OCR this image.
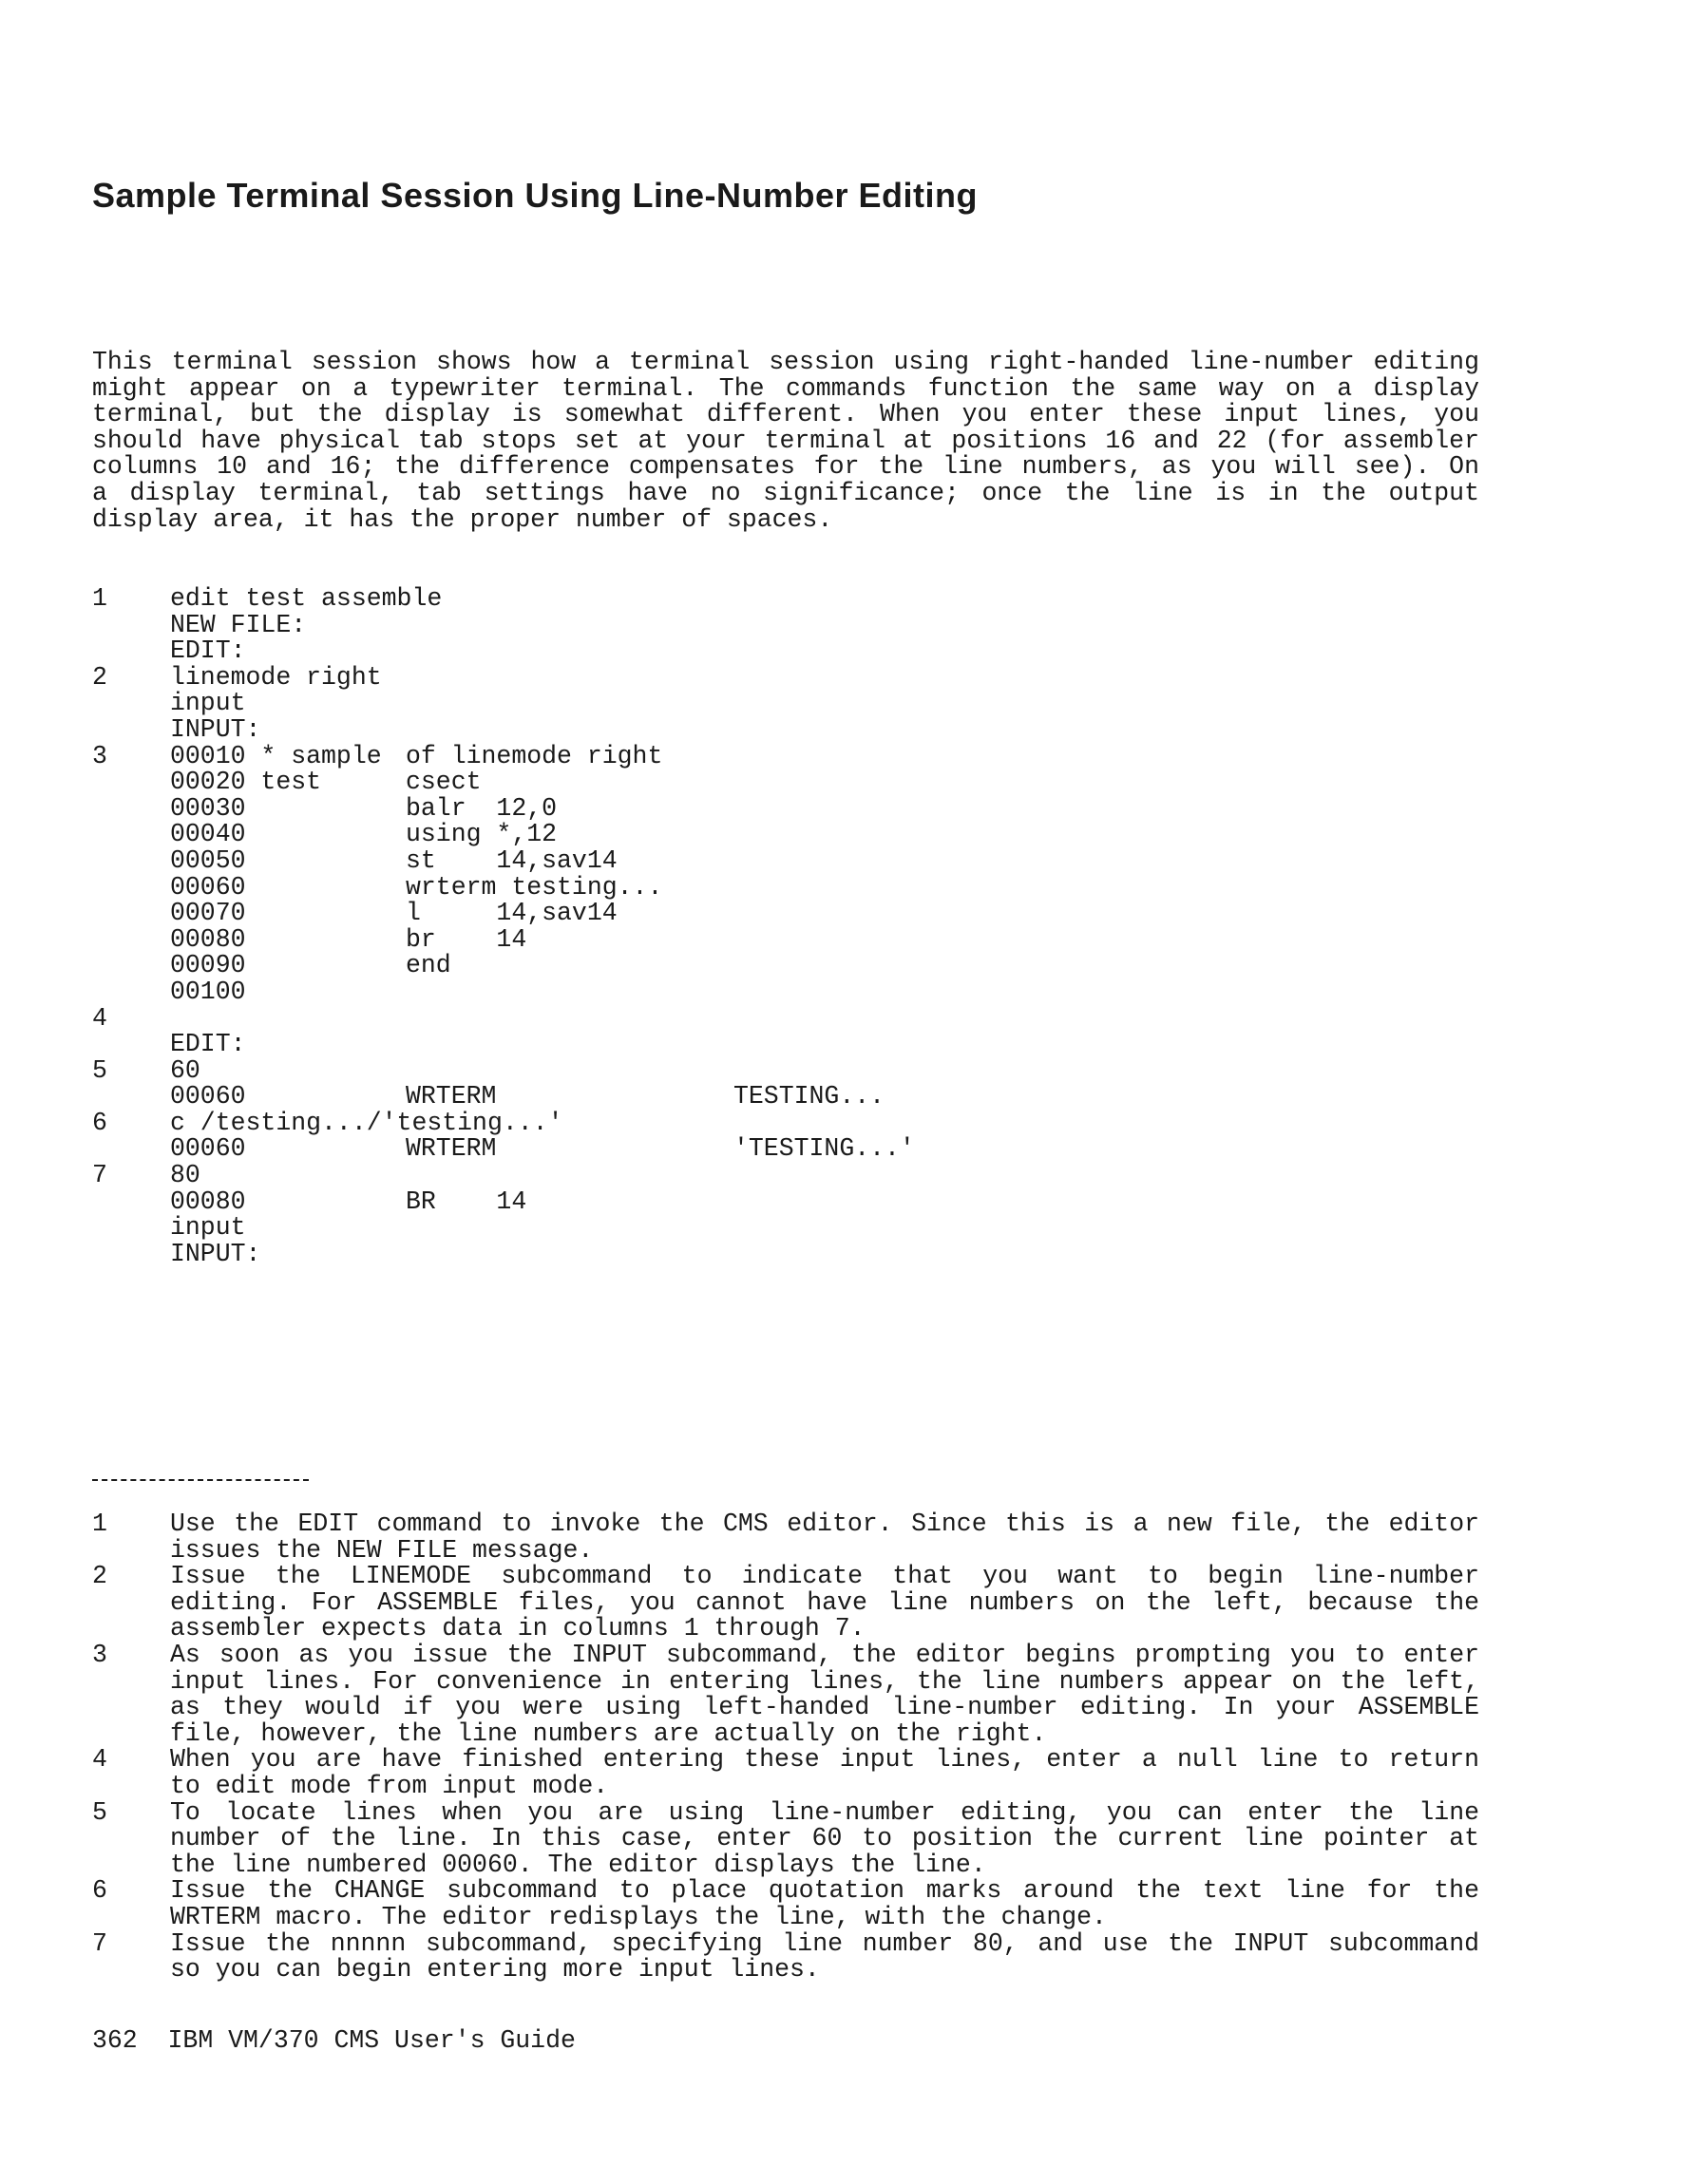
Sample Terminal Session Using Line-Number Editing
This terminal session shows how a terminal session using right-handed line-number editing
might appear on a typewriter terminal. The commands function the same way on a display
terminal, but the display is somewhat different. When you enter these input lines, you
should have physical tab stops set at your terminal at positions 16 and 22 (for assembler
columns 10 and 16; the difference compensates for the line numbers, as you will see). On
a display terminal, tab settings have no significance; once the line is in the output
display area, it has the proper number of spaces.
1 edit test assemble
NEW FILE:
EDIT:
2 linemode right
input
INPUT:
3 00010 * sample of linemode right
00020 test	csect
00030	balr  12,0
00040	using *,12
00050	st    14,sav14
00060	wrterm testing...
00070	l     14,sav14
00080	br    14
00090	end
00100
4
EDIT:
5 60
00060	WRTERM	TESTING...
6 c /testing.../'testing...'
00060	WRTERM	'TESTING...'
7 80
00080	BR    14
input
INPUT:
1 Use the EDIT command to invoke the CMS editor. Since this is a new file, the editor
issues the NEW FILE message.
2 Issue the LINEMODE subcommand to indicate that you want to begin line-number
editing. For ASSEMBLE files, you cannot have line numbers on the left, because the
assembler expects data in columns 1 through 7.
3 As soon as you issue the INPUT subcommand, the editor begins prompting you to enter
input lines. For convenience in entering lines, the line numbers appear on the left,
as they would if you were using left-handed line-number editing. In your ASSEMBLE
file, however, the line numbers are actually on the right.
4 When you are have finished entering these input lines, enter a null line to return
to edit mode from input mode.
5 To locate lines when you are using line-number editing, you can enter the line
number of the line. In this case, enter 60 to position the current line pointer at
the line numbered 00060. The editor displays the line.
6 Issue the CHANGE subcommand to place quotation marks around the text line for the
WRTERM macro. The editor redisplays the line, with the change.
7 Issue the nnnnn subcommand, specifying line number 80, and use the INPUT subcommand
so you can begin entering more input lines.
362  IBM VM/370 CMS User's Guide
